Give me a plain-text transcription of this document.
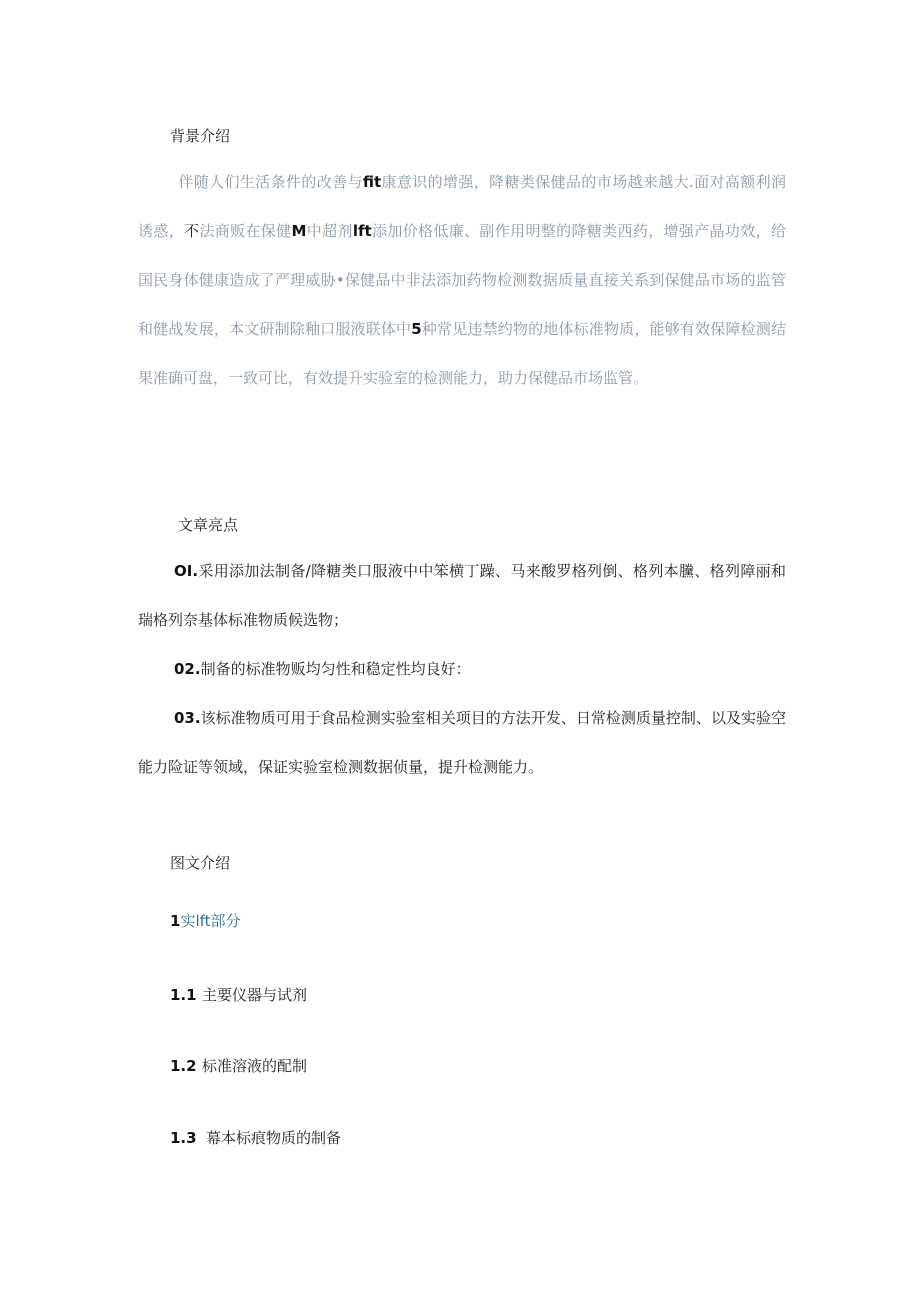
背景介绍
伴随人们生活条件的改善与fit康意识的增强，降糖类保健品的市场越来越大.面对高额利润诱惑，不法商贩在保健M中超剂lft添加价格低廉、副作用明整的降糖类西药，增强产晶功效，给国民身体健康造成了严理威胁•保健品中非法添加药物检测数据质量直接关系到保健品市场的监管和健战发展，本文研制除釉口服液联体中5种常见违禁约物的地体标准物质，能够有效保障检测结果准确可盘，一致可比，有效提升实验室的检测能力，助力保健品市场监管。
文章亮点
OI.采用添加法制备/降糖类口服液中中笨横丁躁、马来酸罗格列倒、格列本黱、格列障丽和瑞格列奈基体标准物质候选物；
02.制备的标准物贩均匀性和稳定性均良好：
03.该标准物质可用于食品检测实验室相关项目的方法开发、日常检测质量控制、以及实验空能力险证等领域，保证实验室检测数据侦量，提升检测能力。
图文介绍
1实lft部分
1.1 主要仪器与试剂
1.2 标准溶液的配制
1.3 幕本标痕物质的制备
